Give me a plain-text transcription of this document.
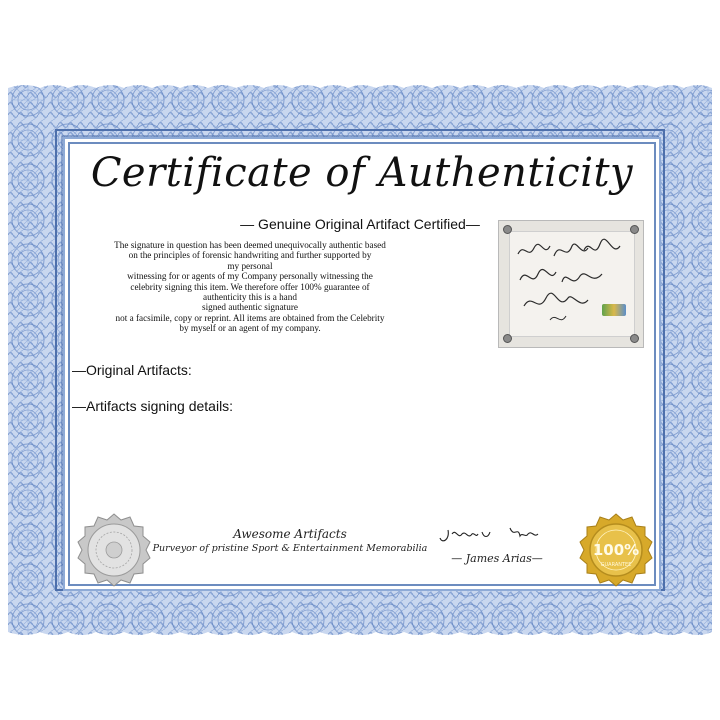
Certificate of Authenticity
— Genuine Original Artifact Certified—
The signature in question has been deemed unequivocally authentic based
on the principles of forensic handwriting and further supported by
my personal
witnessing for or agents of my Company personally witnessing the
celebrity signing this item. We therefore offer 100% guarantee of
authenticity this is a hand
signed authentic signature
not a facsimile, copy or reprint. All items are obtained from the Celebrity
by myself or an agent of my company.
—Original Artifacts:
—Artifacts signing details:
Awesome Artifacts
Purveyor of pristine Sport & Entertainment Memorabilia
— James Arias—	100%
GUARANTEE
